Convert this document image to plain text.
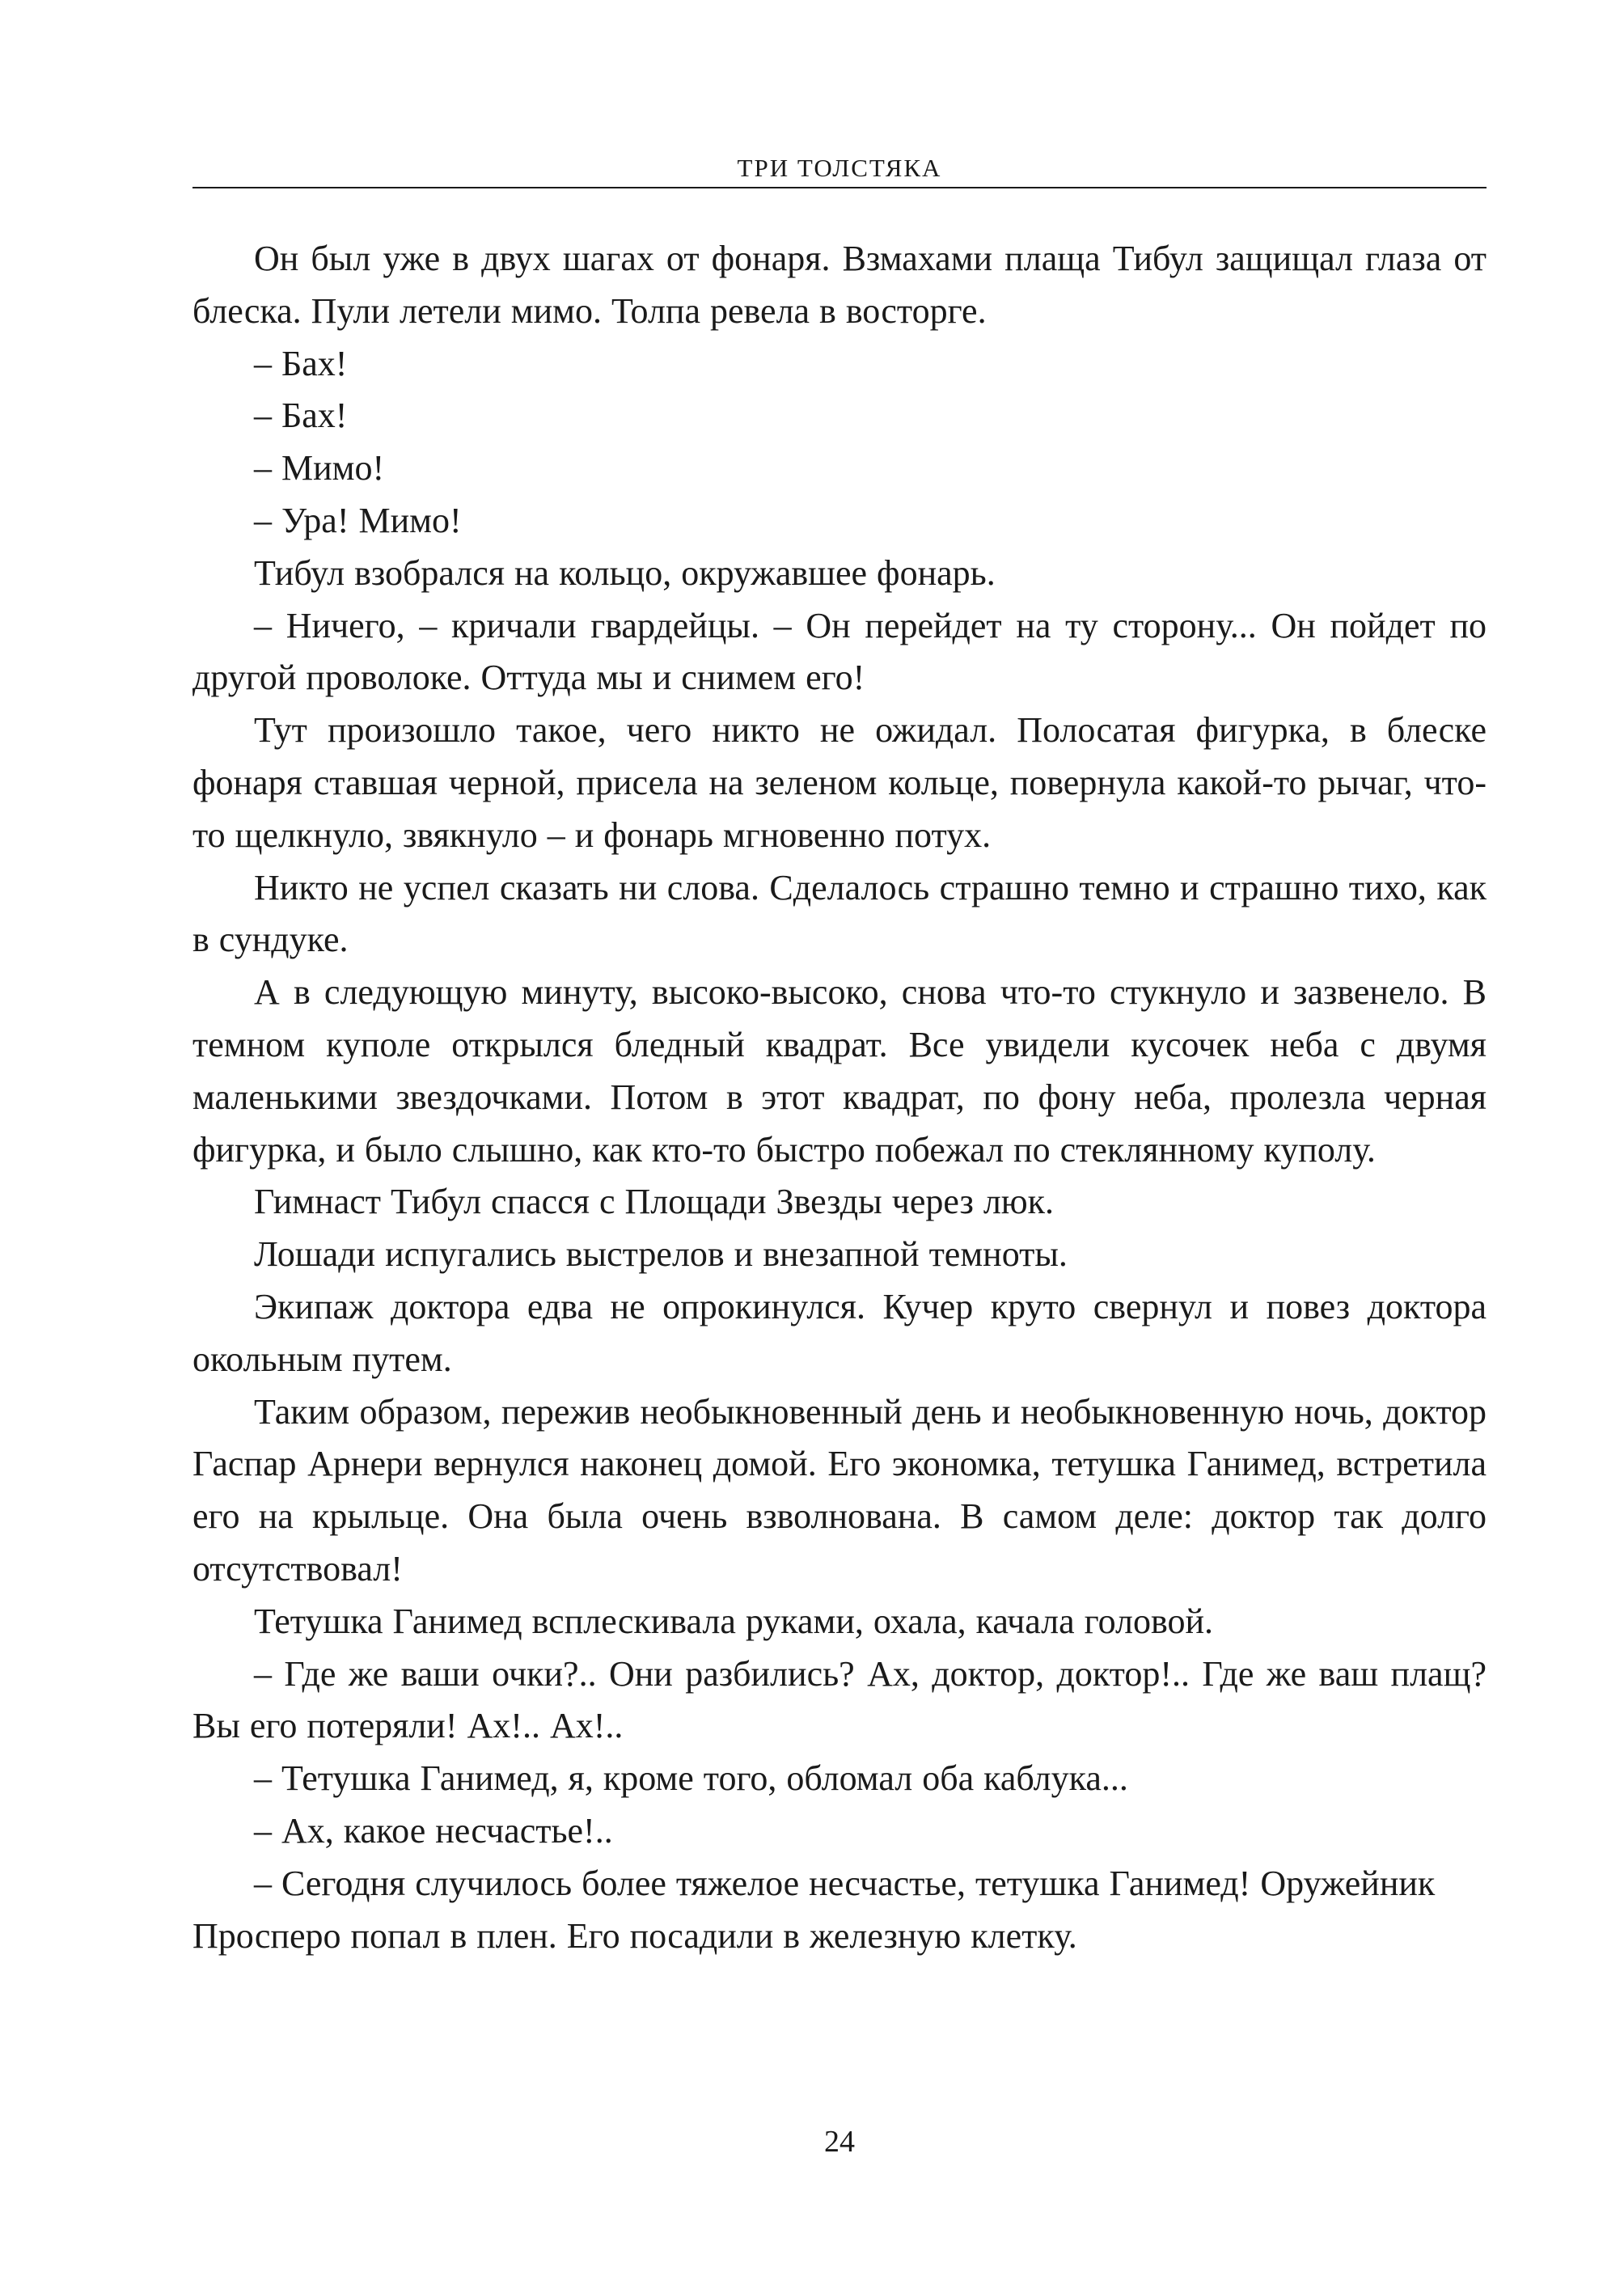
ТРИ ТОЛСТЯКА

Он был уже в двух шагах от фонаря. Взмахами плаща Тибул защищал глаза от блеска. Пули летели мимо. Толпа ревела в восторге.

– Бах!

– Бах!

– Мимо!

– Ура! Мимо!

Тибул взобрался на кольцо, окружавшее фонарь.

– Ничего, – кричали гвардейцы. – Он перейдет на ту сторону... Он пойдет по другой проволоке. Оттуда мы и снимем его!

Тут произошло такое, чего никто не ожидал. Полосатая фигурка, в блеске фонаря ставшая черной, присела на зеленом кольце, повернула какой-то рычаг, что-то щелкнуло, звякнуло – и фонарь мгновенно потух.

Никто не успел сказать ни слова. Сделалось страшно темно и страшно тихо, как в сундуке.

А в следующую минуту, высоко-высоко, снова что-то стукнуло и зазвенело. В темном куполе открылся бледный квадрат. Все увидели кусочек неба с двумя маленькими звездочками. Потом в этот квадрат, по фону неба, пролезла черная фигурка, и было слышно, как кто-то быстро побежал по стеклянному куполу.

Гимнаст Тибул спасся с Площади Звезды через люк.

Лошади испугались выстрелов и внезапной темноты.

Экипаж доктора едва не опрокинулся. Кучер круто свернул и повез доктора окольным путем.

Таким образом, пережив необыкновенный день и необыкновенную ночь, доктор Гаспар Арнери вернулся наконец домой. Его экономка, тетушка Ганимед, встретила его на крыльце. Она была очень взволнована. В самом деле: доктор так долго отсутствовал!

Тетушка Ганимед всплескивала руками, охала, качала головой.

– Где же ваши очки?.. Они разбились? Ах, доктор, доктор!.. Где же ваш плащ? Вы его потеряли! Ах!.. Ах!..

– Тетушка Ганимед, я, кроме того, обломал оба каблука...

– Ах, какое несчастье!..

– Сегодня случилось более тяжелое несчастье, тетушка Ганимед! Оружейник Просперо попал в плен. Его посадили в железную клетку.

24
